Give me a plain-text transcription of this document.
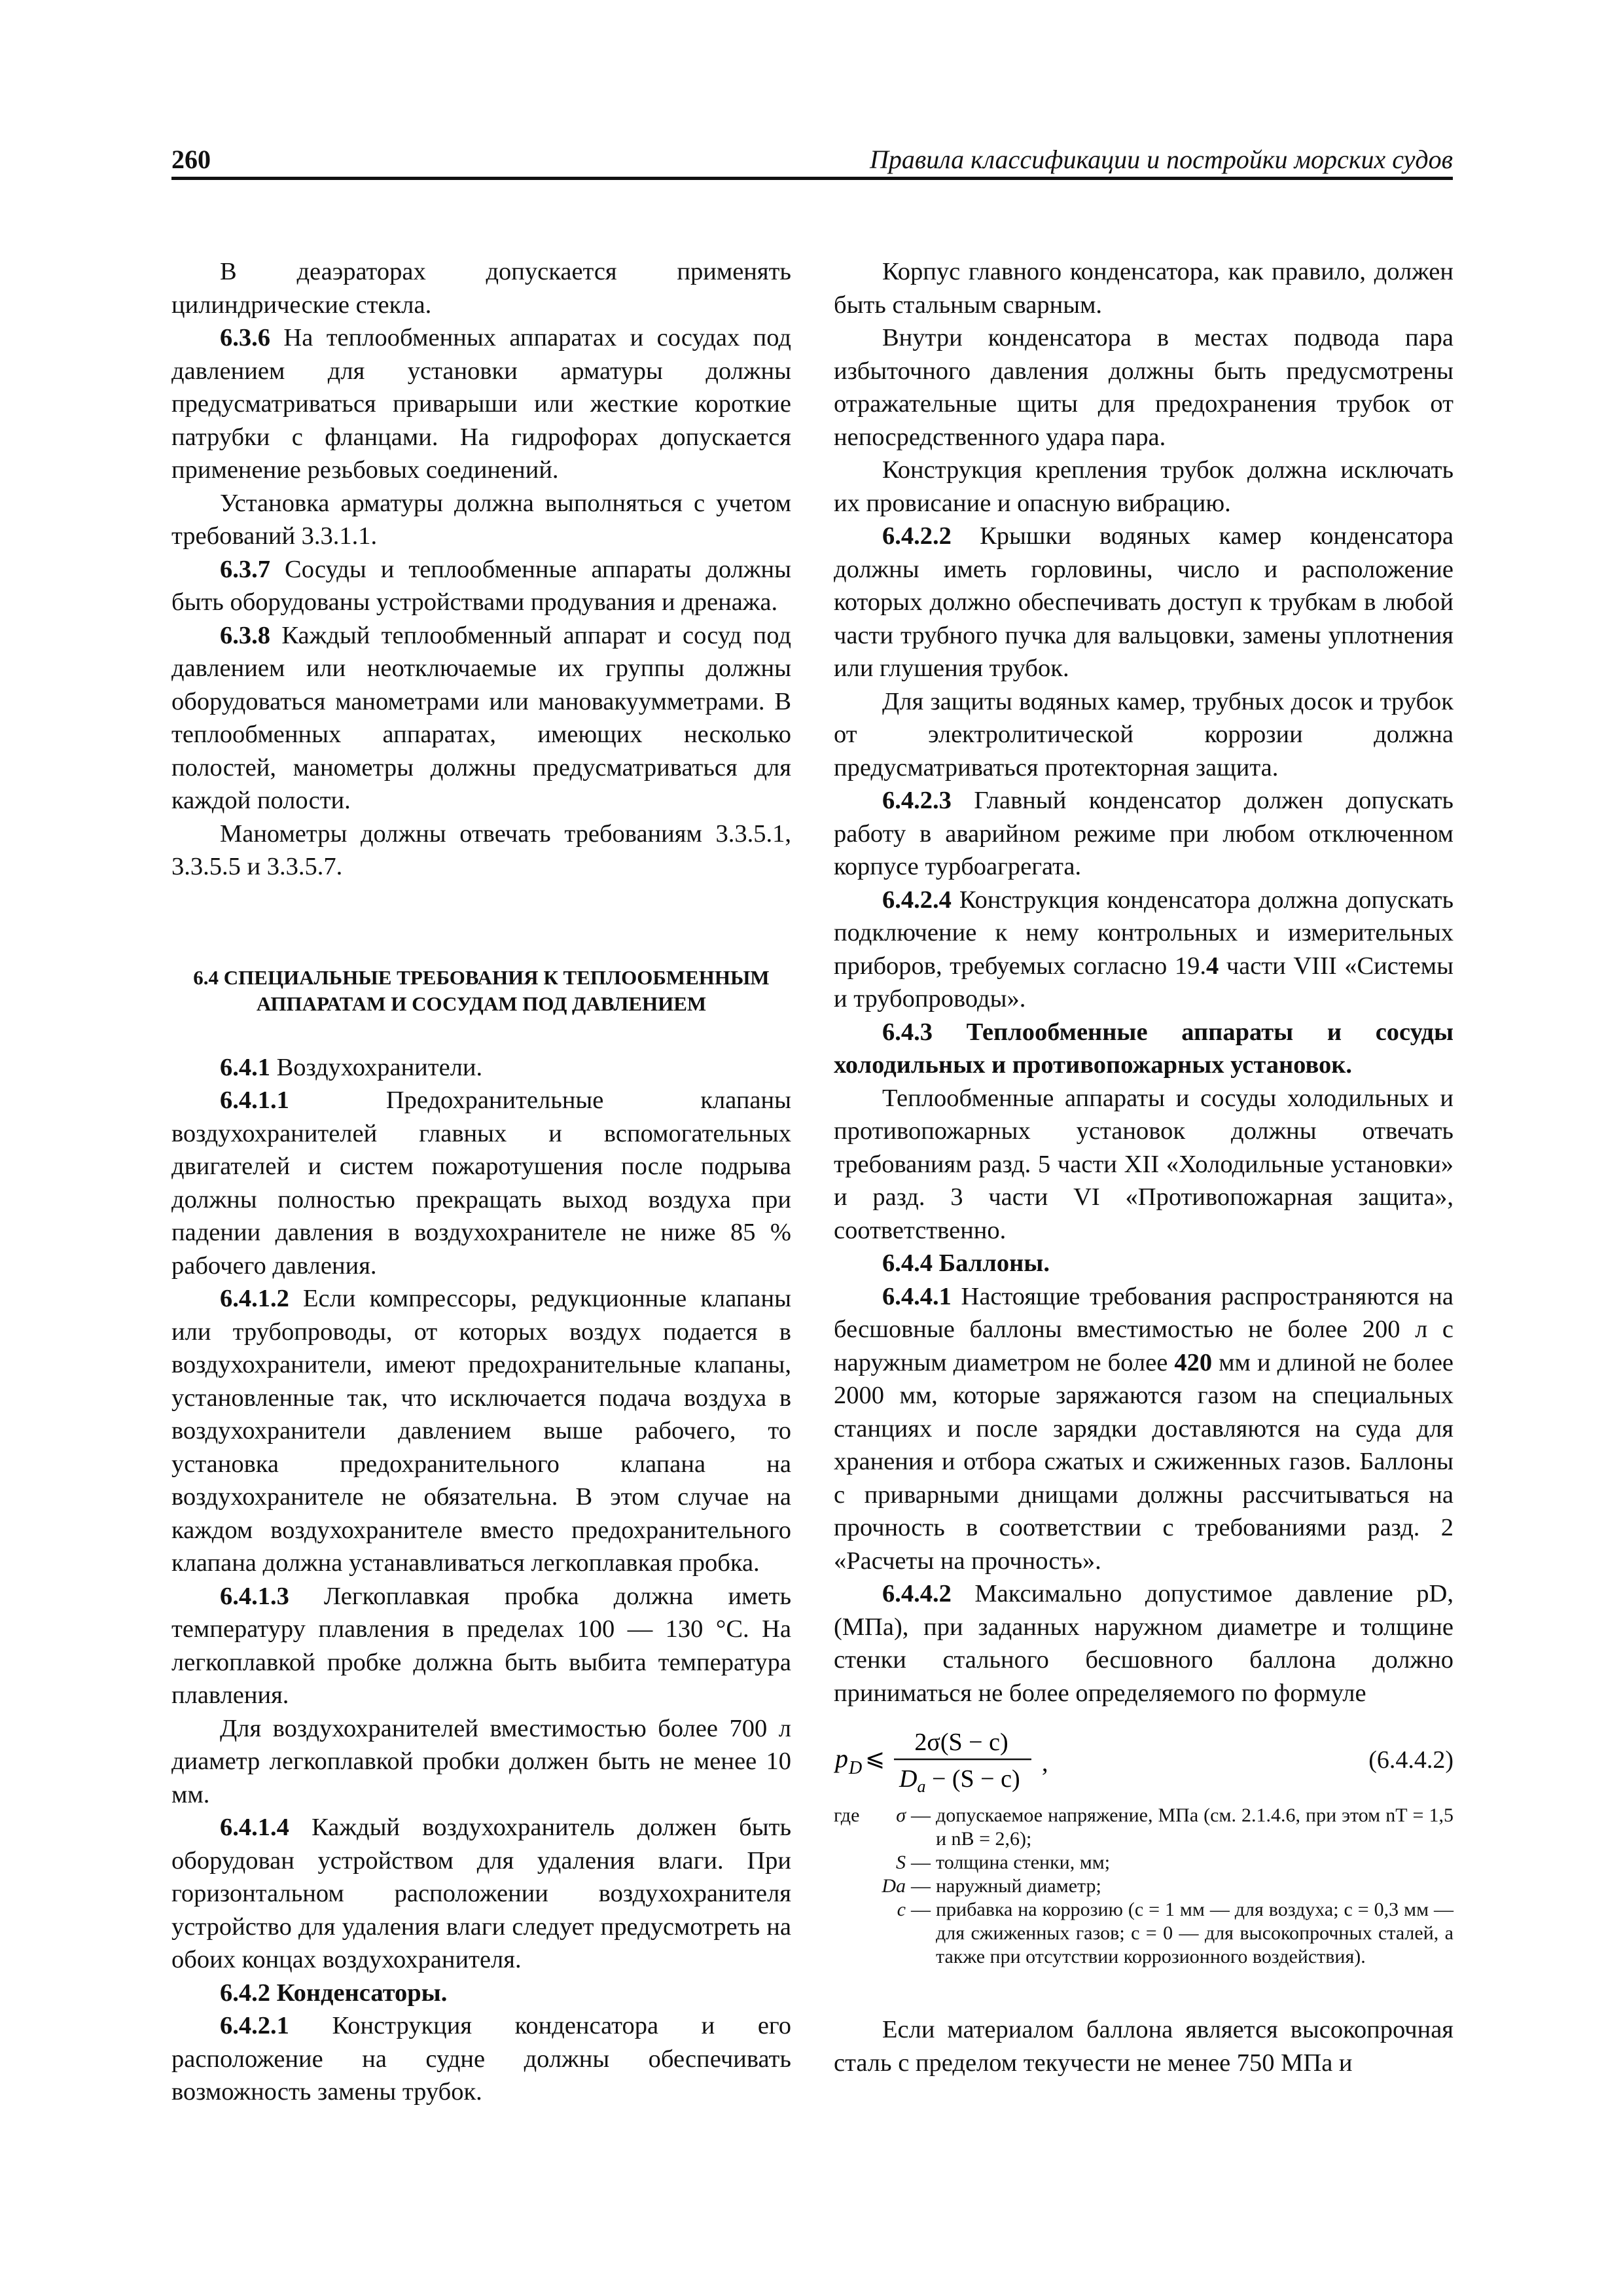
260	Правила классификации и постройки морских судов

В деаэраторах допускается применять цилиндрические стекла.

6.3.6 На теплообменных аппаратах и сосудах под давлением для установки арматуры должны предусматриваться приварыши или жесткие короткие патрубки с фланцами. На гидрофорах допускается применение резьбовых соединений.

Установка арматуры должна выполняться с учетом требований 3.3.1.1.

6.3.7 Сосуды и теплообменные аппараты должны быть оборудованы устройствами продувания и дренажа.

6.3.8 Каждый теплообменный аппарат и сосуд под давлением или неотключаемые их группы должны оборудоваться манометрами или мановакуумметрами. В теплообменных аппаратах, имеющих несколько полостей, манометры должны предусматриваться для каждой полости.

Манометры должны отвечать требованиям 3.3.5.1, 3.3.5.5 и 3.3.5.7.

6.4 СПЕЦИАЛЬНЫЕ ТРЕБОВАНИЯ К ТЕПЛООБМЕННЫМ
АППАРАТАМ И СОСУДАМ ПОД ДАВЛЕНИЕМ

6.4.1 Воздухохранители.

6.4.1.1 Предохранительные клапаны воздухохранителей главных и вспомогательных двигателей и систем пожаротушения после подрыва должны полностью прекращать выход воздуха при падении давления в воздухохранителе не ниже 85 % рабочего давления.

6.4.1.2 Если компрессоры, редукционные клапаны или трубопроводы, от которых воздух подается в воздухохранители, имеют предохранительные клапаны, установленные так, что исключается подача воздуха в воздухохранители давлением выше рабочего, то установка предохранительного клапана на воздухохранителе не обязательна. В этом случае на каждом воздухохранителе вместо предохранительного клапана должна устанавливаться легкоплавкая пробка.

6.4.1.3 Легкоплавкая пробка должна иметь температуру плавления в пределах 100 — 130 °C. На легкоплавкой пробке должна быть выбита температура плавления.

Для воздухохранителей вместимостью более 700 л диаметр легкоплавкой пробки должен быть не менее 10 мм.

6.4.1.4 Каждый воздухохранитель должен быть оборудован устройством для удаления влаги. При горизонтальном расположении воздухохранителя устройство для удаления влаги следует предусмотреть на обоих концах воздухохранителя.

6.4.2 Конденсаторы.

6.4.2.1 Конструкция конденсатора и его расположение на судне должны обеспечивать возможность замены трубок.

Корпус главного конденсатора, как правило, должен быть стальным сварным.

Внутри конденсатора в местах подвода пара избыточного давления должны быть предусмотрены отражательные щиты для предохранения трубок от непосредственного удара пара.

Конструкция крепления трубок должна исключать их провисание и опасную вибрацию.

6.4.2.2 Крышки водяных камер конденсатора должны иметь горловины, число и расположение которых должно обеспечивать доступ к трубкам в любой части трубного пучка для вальцовки, замены уплотнения или глушения трубок.

Для защиты водяных камер, трубных досок и трубок от электролитической коррозии должна предусматриваться протекторная защита.

6.4.2.3 Главный конденсатор должен допускать работу в аварийном режиме при любом отключенном корпусе турбоагрегата.

6.4.2.4 Конструкция конденсатора должна допускать подключение к нему контрольных и измерительных приборов, требуемых согласно 19.4 части VIII «Системы и трубопроводы».

6.4.3 Теплообменные аппараты и сосуды холодильных и противопожарных установок.

Теплообменные аппараты и сосуды холодильных и противопожарных установок должны отвечать требованиям разд. 5 части XII «Холодильные установки» и разд. 3 части VI «Противопожарная защита», соответственно.

6.4.4 Баллоны.

6.4.4.1 Настоящие требования распространяются на бесшовные баллоны вместимостью не более 200 л с наружным диаметром не более 420 мм и длиной не более 2000 мм, которые заряжаются газом на специальных станциях и после зарядки доставляются на суда для хранения и отбора сжатых и сжиженных газов. Баллоны с приварными днищами должны рассчитываться на прочность в соответствии с требованиями разд. 2 «Расчеты на прочность».

6.4.4.2 Максимально допустимое давление pD, (МПа), при заданных наружном диаметре и толщине стенки стального бесшовного баллона должно приниматься не более определяемого по формуле

p D ⩽
2σ(S − c)
$D_a - (S - c)$
,	(6.4.4.2)
где	σ — допускаемое напряжение, МПа (см. 2.1.4.6, при этом nТ = 1,5 и nВ = 2,6);
S — толщина стенки, мм;
Dа — наружный диаметр;
c — прибавка на коррозию (c = 1 мм — для воздуха; c = 0,3 мм — для сжиженных газов; c = 0 — для высокопрочных сталей, а также при отсутствии коррозионного воздействия).

Если материалом баллона является высокопрочная сталь с пределом текучести не менее 750 МПа и
